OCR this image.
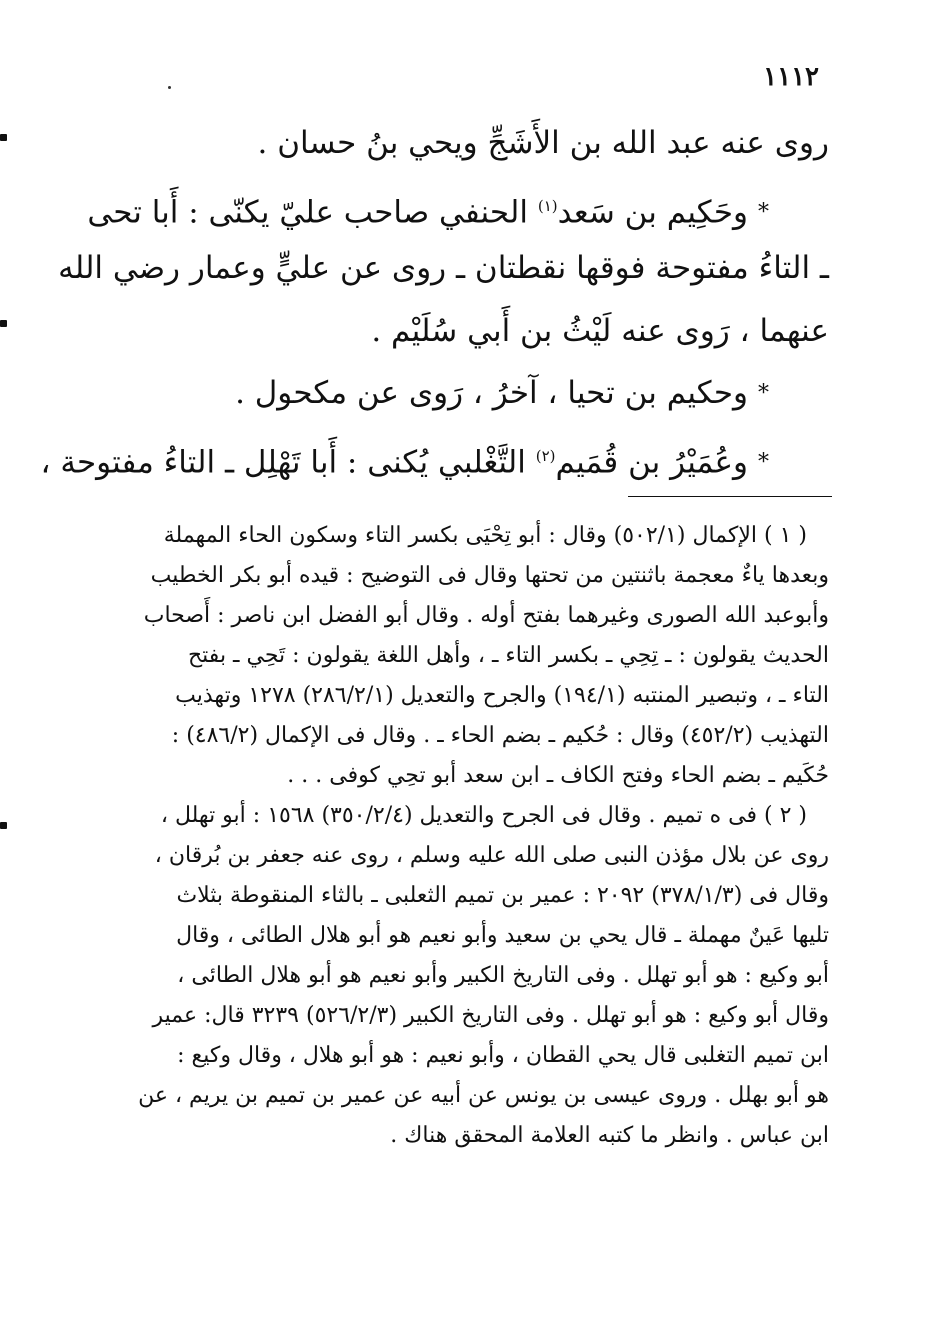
١١١٢
روى عنه عبد الله بن الأَشَجِّ ويحي بنُ حسان .
*وحَكِيم بن سَعد$^{(١)}$ الحنفي صاحب عليّ يكنّى : أَبا تحى
ـ التاءُ مفتوحة فوقها نقطتان ـ روى عن عليٍّ وعمار رضي الله
عنهما ، رَوى عنه لَيْثُ بن أَبي سُلَيْم .
*وحكيم بن تحيا ، آخرُ ، رَوى عن مكحول .
*وعُمَيْرُ بن قُمَيم$^{(٢)}$ التَّغْلبي يُكنى : أَبا تَهْلِل ـ التاءُ مفتوحة ،
( ١ ) الإكمال (٥٠٢/١) وقال : أبو تِحْيَى بكسر التاء وسكون الحاء المهملة
وبعدها ياءٌ معجمة باثنتين من تحتها وقال فى التوضيح : قيده أبو بكر الخطيب
وأبوعبد الله الصورى وغيرهما بفتح أوله . وقال أبو الفضل ابن ناصر : أَصحاب
الحديث يقولون : ـ تِحِي ـ بكسر التاء ـ ، وأهل اللغة يقولون : تَحِي ـ بفتح
التاء ـ ، وتبصير المنتبه (١٩٤/١) والجرح والتعديل (٢٨٦/٢/١) ١٢٧٨ وتهذيب
التهذيب (٤٥٢/٢) وقال : حُكيم ـ بضم الحاء ـ . وقال فى الإكمال (٤٨٦/٢) :
حُكَيم ـ بضم الحاء وفتح الكاف ـ ابن سعد أبو تحِي كوفى . . .
( ٢ ) فى ه تميم . وقال فى الجرح والتعديل (٣٥٠/٢/٤) ١٥٦٨ : أبو تهلل ،
روى عن بلال مؤذن النبى صلى الله عليه وسلم ، روى عنه جعفر بن بُرقان ،
وقال فى (٣٧٨/١/٣) ٢٠٩٢ : عمير بن تميم الثعلبى ـ بالثاء المنقوطة بثلاث
تليها عَينٌ مهملة ـ قال يحي بن سعيد وأبو نعيم هو أبو هلال الطائى ، وقال
أبو وكيع : هو أبو تهلل . وفى التاريخ الكبير وأبو نعيم هو أبو هلال الطائى ،
وقال أبو وكيع : هو أبو تهلل . وفى التاريخ الكبير (٥٢٦/٢/٣) ٣٢٣٩ قال: عمير
ابن تميم التغلبى قال يحي القطان ، وأبو نعيم : هو أبو هلال ، وقال وكيع :
هو أبو بهلل . وروى عيسى بن يونس عن أبيه عن عمير بن تميم بن يريم ، عن
ابن عباس . وانظر ما كتبه العلامة المحقق هناك .
